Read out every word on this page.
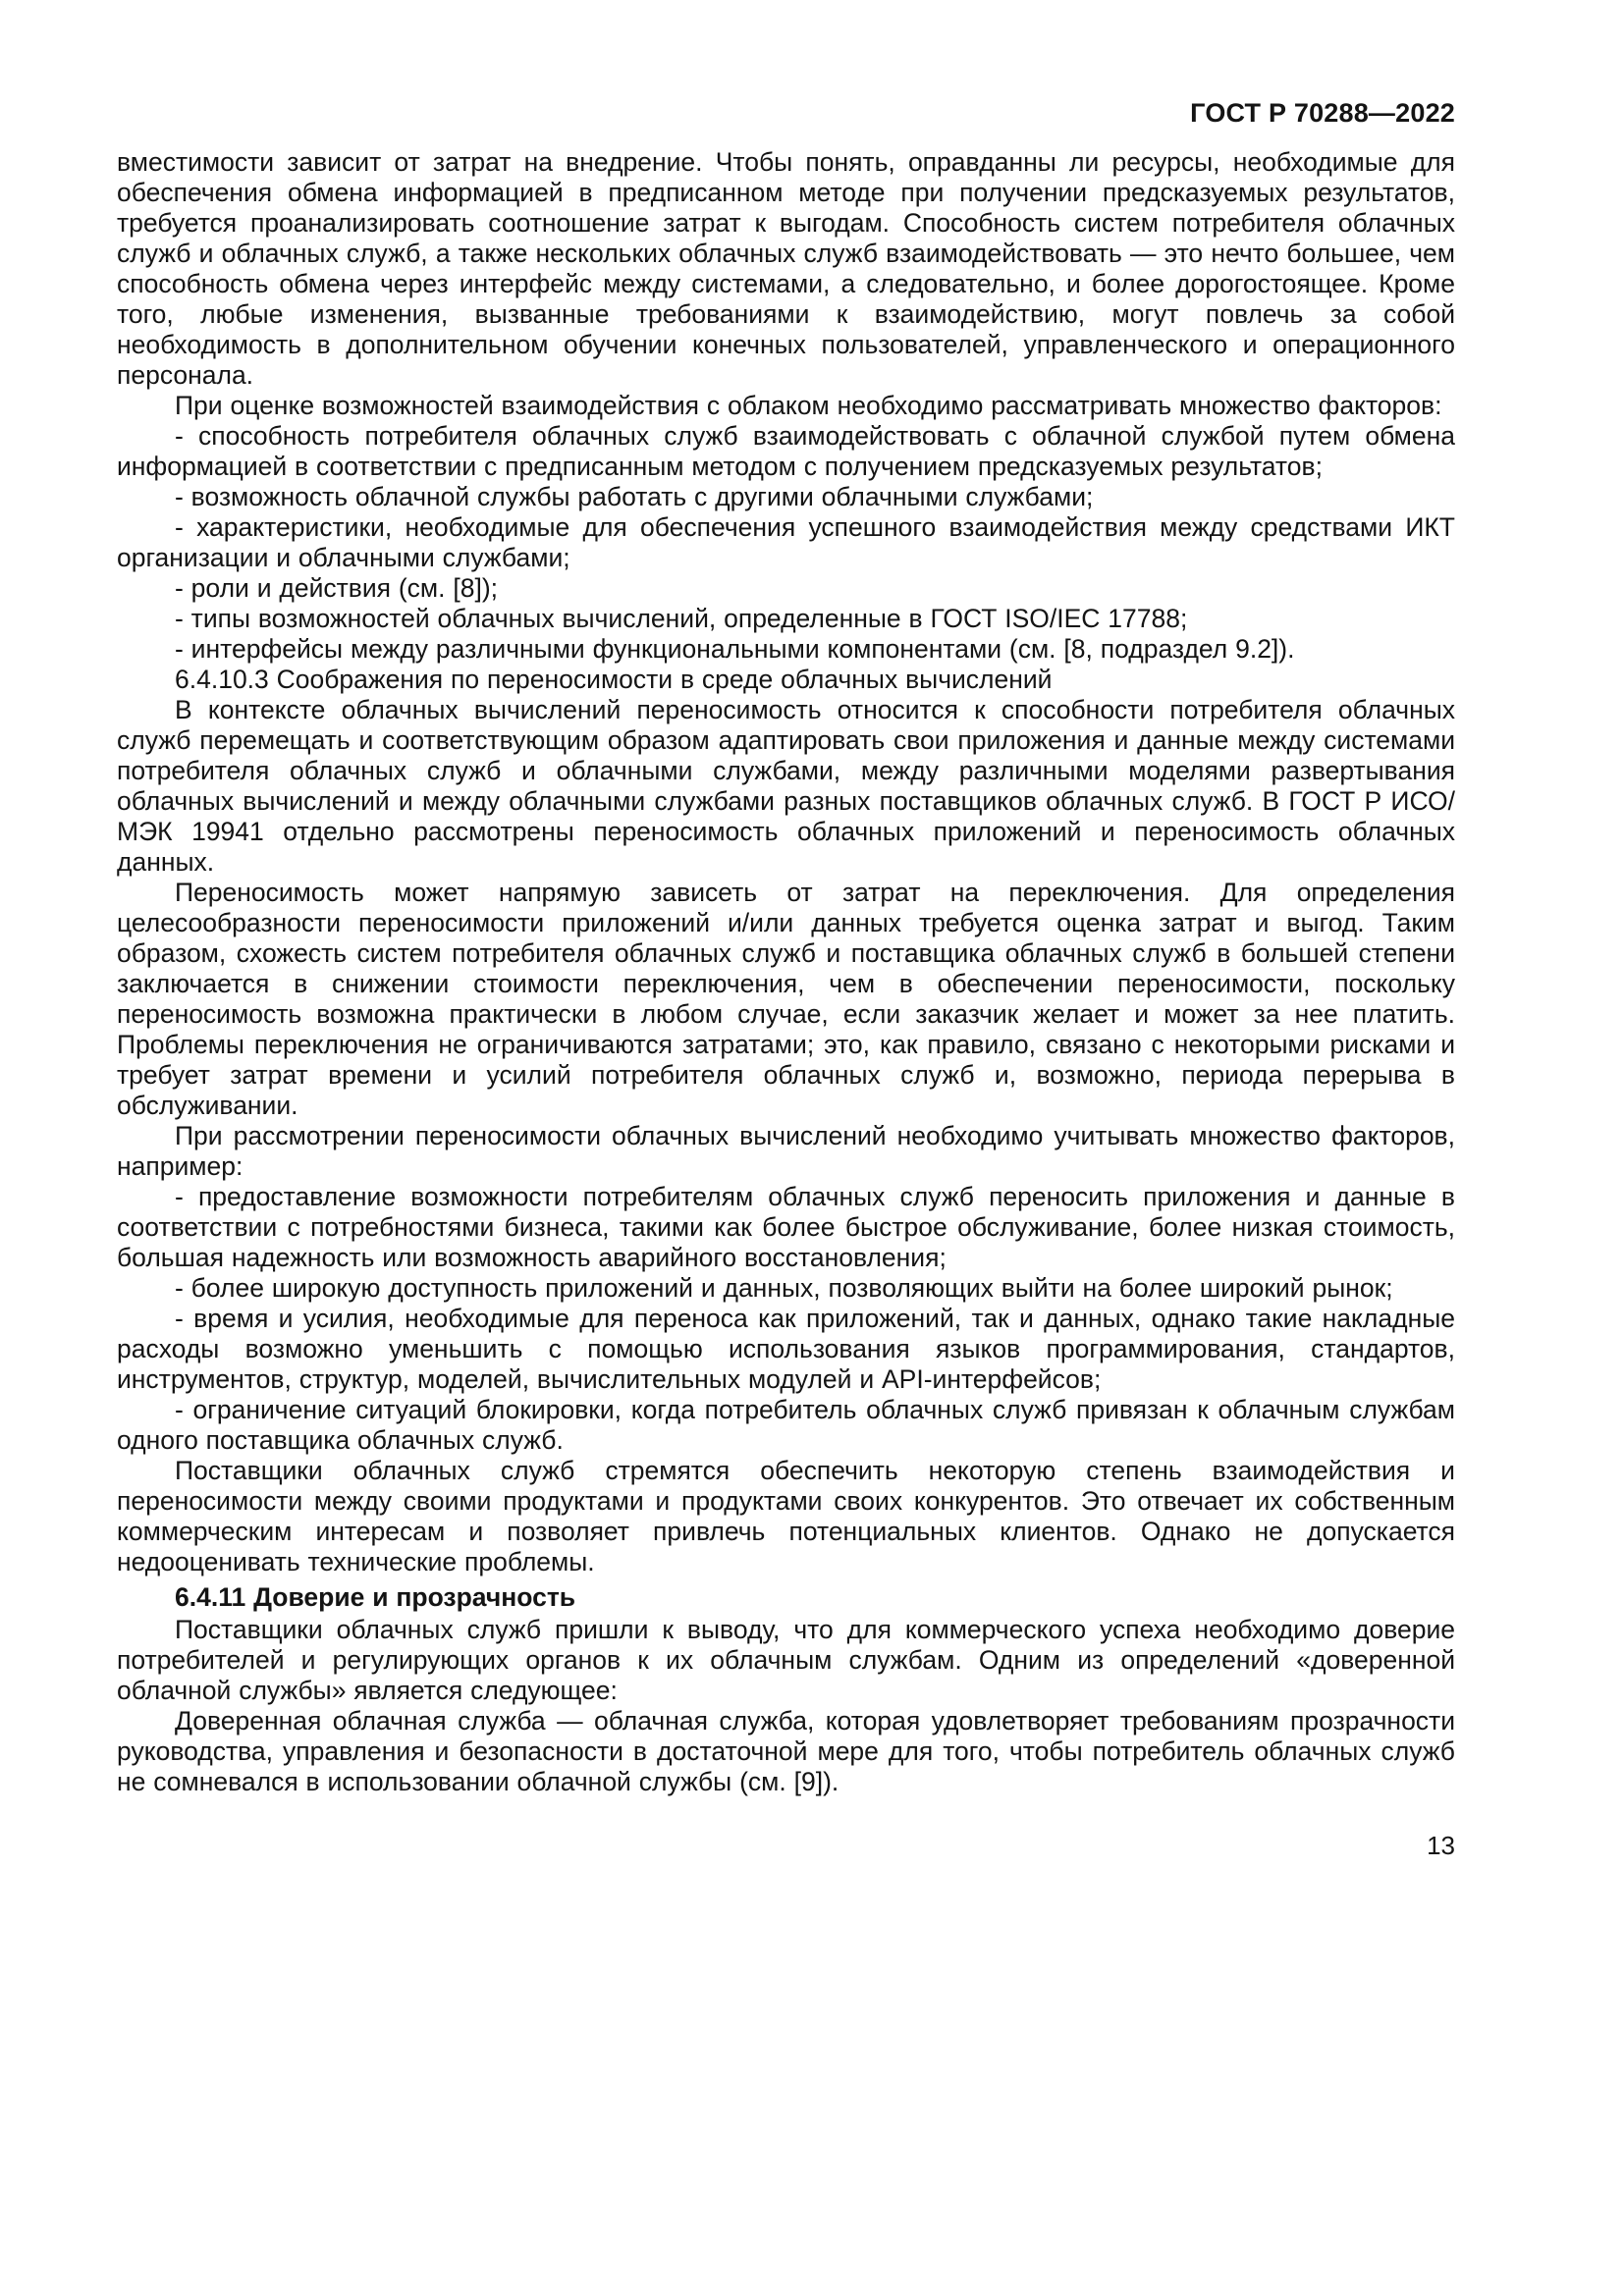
ГОСТ Р 70288—2022

вместимости зависит от затрат на внедрение. Чтобы понять, оправданны ли ресурсы, необходимые для обеспечения обмена информацией в предписанном методе при получении предсказуемых результатов, требуется проанализировать соотношение затрат к выгодам. Способность систем потребителя облачных служб и облачных служб, а также нескольких облачных служб взаимодействовать — это нечто большее, чем способность обмена через интерфейс между системами, а следовательно, и более дорогостоящее. Кроме того, любые изменения, вызванные требованиями к взаимодействию, могут повлечь за собой необходимость в дополнительном обучении конечных пользователей, управленческого и операционного персонала.

При оценке возможностей взаимодействия с облаком необходимо рассматривать множество факторов:

- способность потребителя облачных служб взаимодействовать с облачной службой путем обмена информацией в соответствии с предписанным методом с получением предсказуемых результатов;

- возможность облачной службы работать с другими облачными службами;

- характеристики, необходимые для обеспечения успешного взаимодействия между средствами ИКТ организации и облачными службами;

- роли и действия (см. [8]);

- типы возможностей облачных вычислений, определенные в ГОСТ ISO/IEC 17788;

- интерфейсы между различными функциональными компонентами (см. [8, подраздел 9.2]).

6.4.10.3 Соображения по переносимости в среде облачных вычислений

В контексте облачных вычислений переносимость относится к способности потребителя облачных служб перемещать и соответствующим образом адаптировать свои приложения и данные между системами потребителя облачных служб и облачными службами, между различными моделями развертывания облачных вычислений и между облачными службами разных поставщиков облачных служб. В ГОСТ Р ИСО/МЭК 19941 отдельно рассмотрены переносимость облачных приложений и переносимость облачных данных.

Переносимость может напрямую зависеть от затрат на переключения. Для определения целесообразности переносимости приложений и/или данных требуется оценка затрат и выгод. Таким образом, схожесть систем потребителя облачных служб и поставщика облачных служб в большей степени заключается в снижении стоимости переключения, чем в обеспечении переносимости, поскольку переносимость возможна практически в любом случае, если заказчик желает и может за нее платить. Проблемы переключения не ограничиваются затратами; это, как правило, связано с некоторыми рисками и требует затрат времени и усилий потребителя облачных служб и, возможно, периода перерыва в обслуживании.

При рассмотрении переносимости облачных вычислений необходимо учитывать множество факторов, например:

- предоставление возможности потребителям облачных служб переносить приложения и данные в соответствии с потребностями бизнеса, такими как более быстрое обслуживание, более низкая стоимость, большая надежность или возможность аварийного восстановления;

- более широкую доступность приложений и данных, позволяющих выйти на более широкий рынок;

- время и усилия, необходимые для переноса как приложений, так и данных, однако такие накладные расходы возможно уменьшить с помощью использования языков программирования, стандартов, инструментов, структур, моделей, вычислительных модулей и API-интерфейсов;

- ограничение ситуаций блокировки, когда потребитель облачных служб привязан к облачным службам одного поставщика облачных служб.

Поставщики облачных служб стремятся обеспечить некоторую степень взаимодействия и переносимости между своими продуктами и продуктами своих конкурентов. Это отвечает их собственным коммерческим интересам и позволяет привлечь потенциальных клиентов. Однако не допускается недооценивать технические проблемы.

6.4.11 Доверие и прозрачность

Поставщики облачных служб пришли к выводу, что для коммерческого успеха необходимо доверие потребителей и регулирующих органов к их облачным службам. Одним из определений «доверенной облачной службы» является следующее:

Доверенная облачная служба — облачная служба, которая удовлетворяет требованиям прозрачности руководства, управления и безопасности в достаточной мере для того, чтобы потребитель облачных служб не сомневался в использовании облачной службы (см. [9]).

13
